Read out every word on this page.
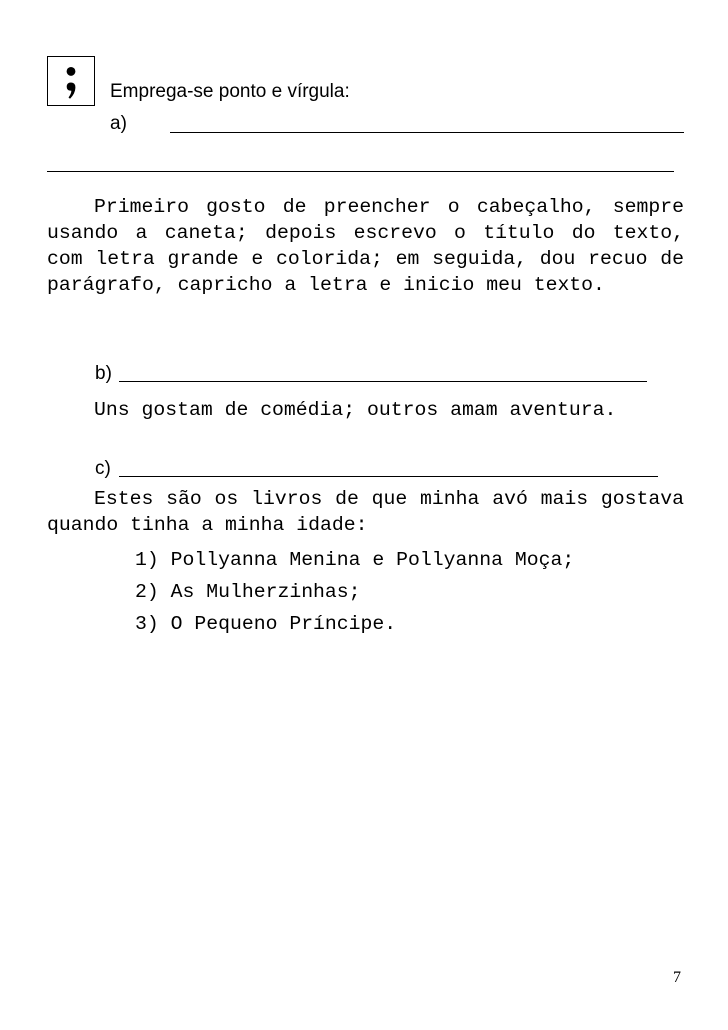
Emprega-se ponto e vírgula:
a)

Primeiro gosto de preencher o cabeçalho, sempre usando a caneta; depois escrevo o título do texto, com letra grande e colorida; em seguida, dou recuo de parágrafo, capricho a letra e inicio meu texto.

b)
Uns gostam de comédia; outros amam aventura.
c)

Estes são os livros de que minha avó mais gostava quando tinha a minha idade:

1) Pollyanna Menina e Pollyanna Moça;
2) As Mulherzinhas;
3) O Pequeno Príncipe.
7
